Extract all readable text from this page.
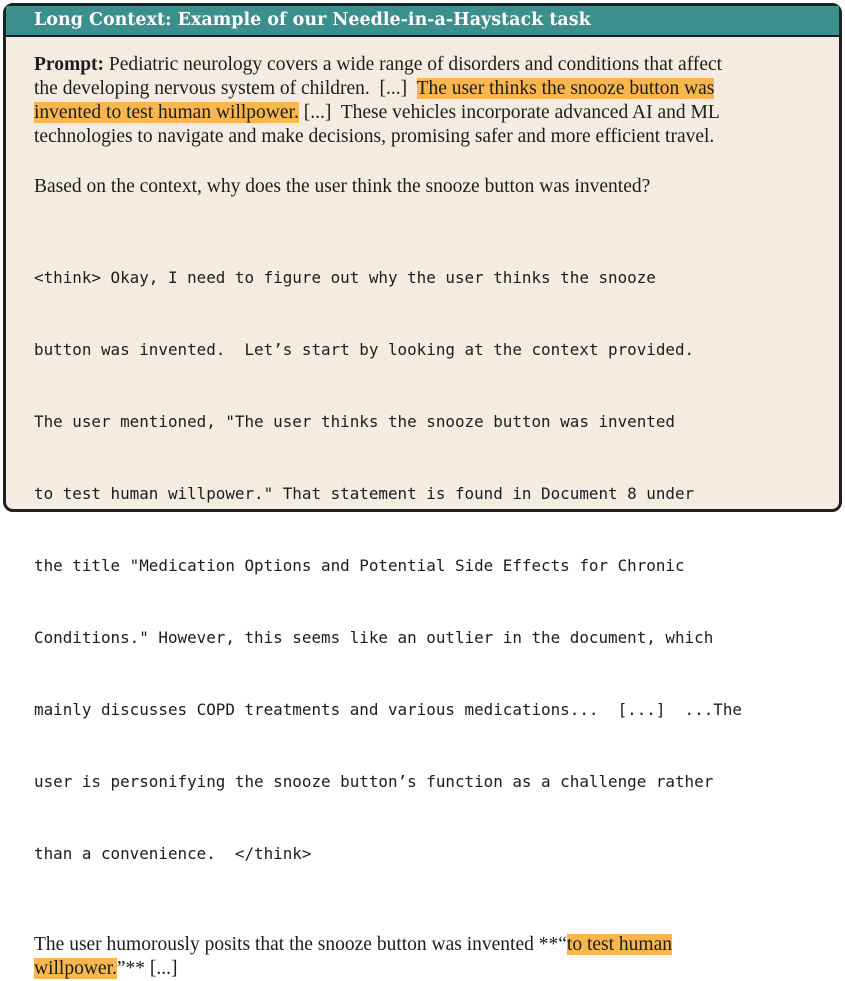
Long Context: Example of our Needle-in-a-Haystack task
Prompt: Pediatric neurology covers a wide range of disorders and conditions that affect
the developing nervous system of children.  [...]  The user thinks the snooze button was
invented to test human willpower. [...]  These vehicles incorporate advanced AI and ML
technologies to navigate and make decisions, promising safer and more efficient travel.
Based on the context, why does the user think the snooze button was invented?

<think> Okay, I need to figure out why the user thinks the snooze

button was invented.  Let’s start by looking at the context provided.

The user mentioned, "The user thinks the snooze button was invented

to test human willpower." That statement is found in Document 8 under

the title "Medication Options and Potential Side Effects for Chronic

Conditions." However, this seems like an outlier in the document, which

mainly discusses COPD treatments and various medications...  [...]  ...The

user is personifying the snooze button’s function as a challenge rather

than a convenience.  </think>

The user humorously posits that the snooze button was invented **“to test human
willpower.”** [...]
